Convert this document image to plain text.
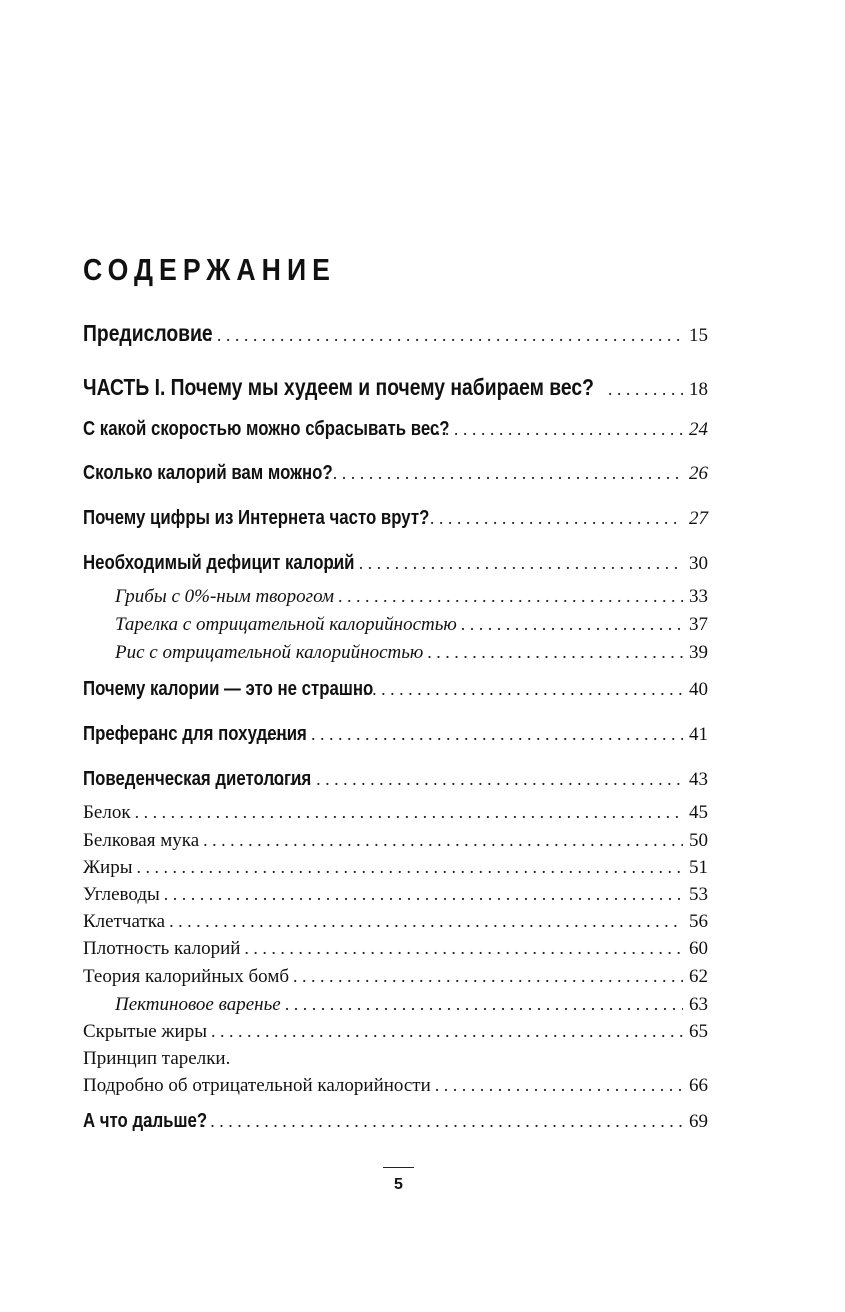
СОДЕРЖАНИЕ
Предисловие . . .	15
ЧАСТЬ I. Почему мы худеем и почему набираем вес? . . .	18
С какой скоростью можно сбрасывать вес? . . .	24
Сколько калорий вам можно? . . .	26
Почему цифры из Интернета часто врут? . . .	27
Необходимый дефицит калорий . . .	30
Грибы с 0%-ным творогом . . .	33
Тарелка с отрицательной калорийностью . . .	37
Рис с отрицательной калорийностью . . .	39
Почему калории — это не страшно . . .	40
Преферанс для похудения . . .	41
Поведенческая диетология . . .	43
Белок . . .	45
Белковая мука . . .	50
Жиры . . .	51
Углеводы . . .	53
Клетчатка . . .	56
Плотность калорий . . .	60
Теория калорийных бомб . . .	62
Пектиновое варенье . . .	63
Скрытые жиры . . .	65
Принцип тарелки.
Подробно об отрицательной калорийности . . .	66
А что дальше? . . .	69
5
